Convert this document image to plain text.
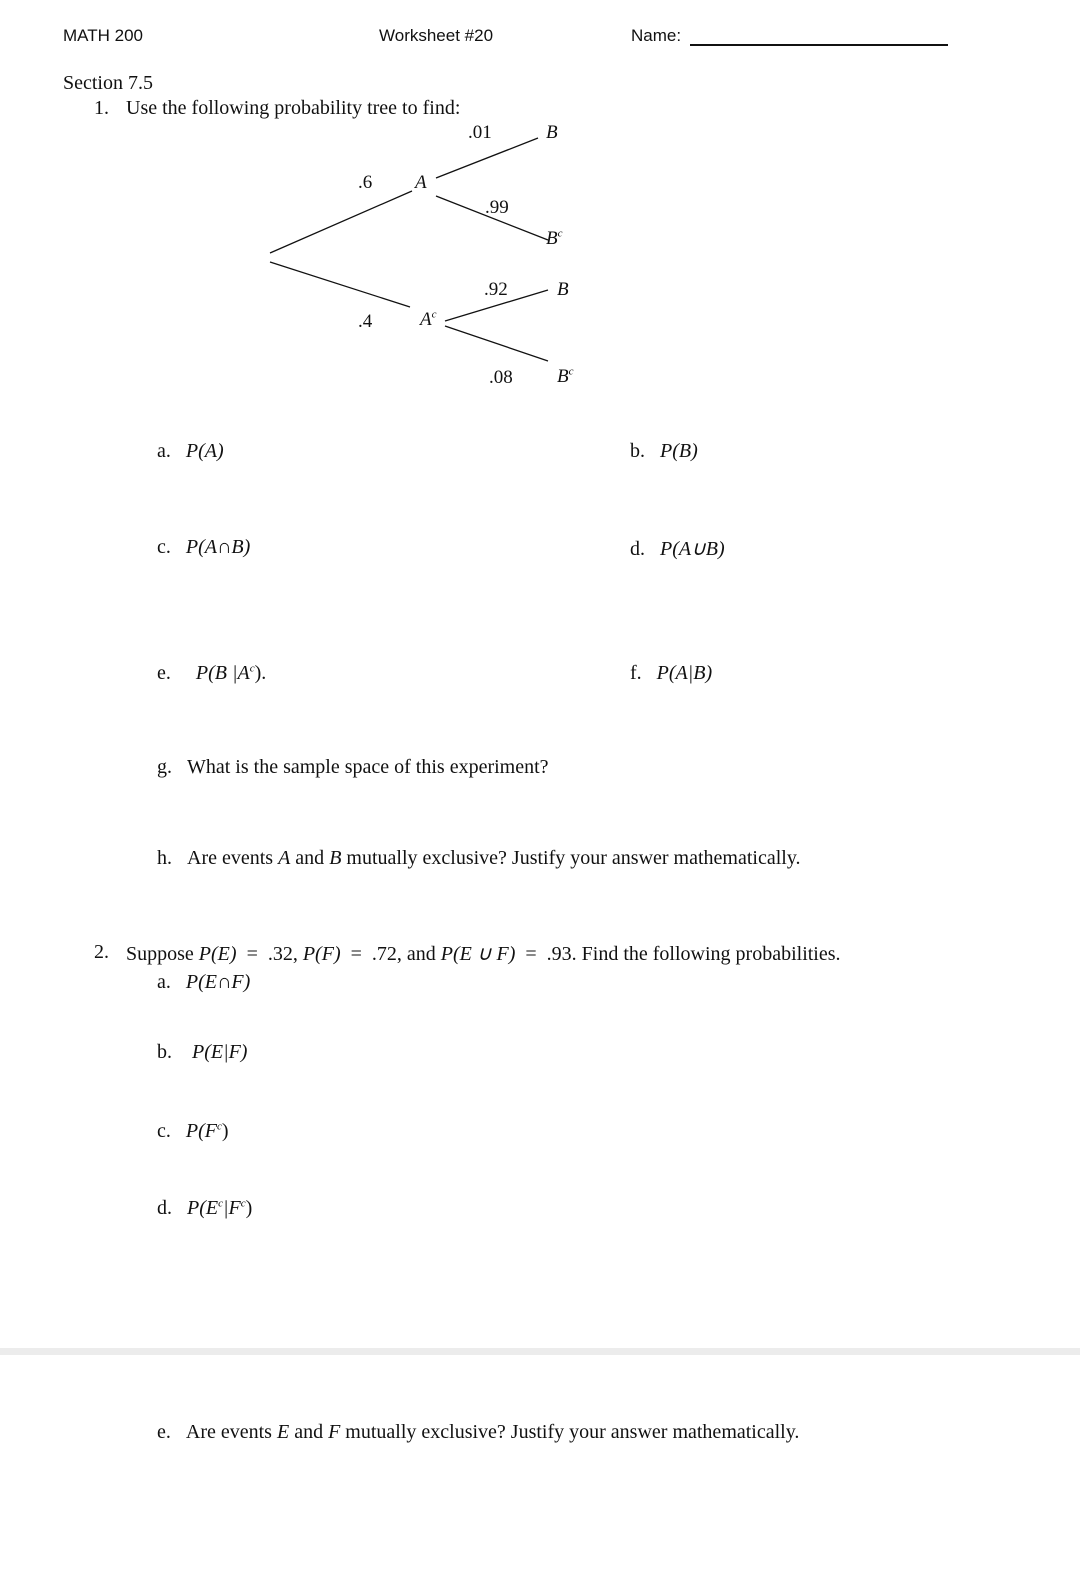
MATH 200	Worksheet #20	Name:
Section 7.5
1. Use the following probability tree to find:
.01	B
.6 A
.99
$B^c$
.92	B
.4	$A^c$
.08 $B^c$
a. P(A)	b. P(B)
c. P(A∩B)	d. P(A∪B)
e. P(B $|A^c$).	f. P(A|B)
g. What is the sample space of this experiment?
h. Are events A and B mutually exclusive? Justify your answer mathematically.
2. Suppose P(E)  =  .32, P(F)  =  .72, and P(E ∪ F)  =  .93. Find the following probabilities.
a. P(E∩F)
b. P(E|F)
c. $P(F^c)$
d. $P(E^c|F^c)$
e. Are events E and F mutually exclusive? Justify your answer mathematically.
